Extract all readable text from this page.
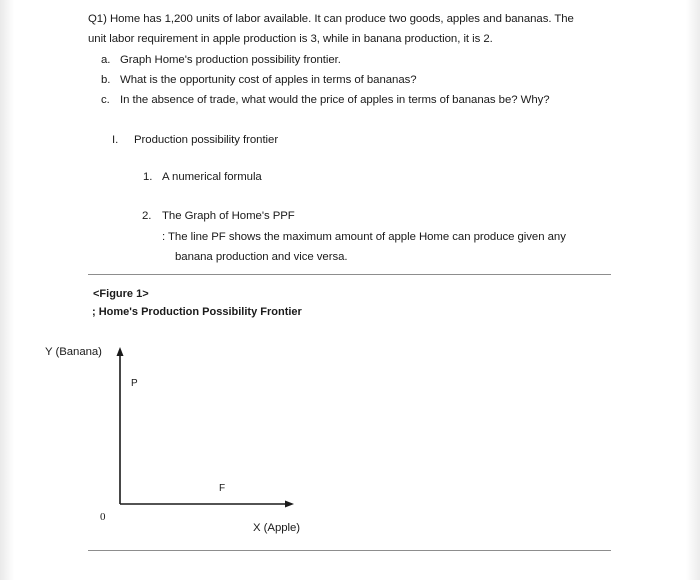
Q1) Home has 1,200 units of labor available. It can produce two goods, apples and bananas. The
unit labor requirement in apple production is 3, while in banana production, it is 2.
a. Graph Home's production possibility frontier.
b. What is the opportunity cost of apples in terms of bananas?
c. In the absence of trade, what would the price of apples in terms of bananas be? Why?
I. Production possibility frontier
1. A numerical formula
2. The Graph of Home's PPF
: The line PF shows the maximum amount of apple Home can produce given any
banana production and vice versa.
<Figure 1>
; Home's Production Possibility Frontier
Y (Banana)
P
F
0
X (Apple)
